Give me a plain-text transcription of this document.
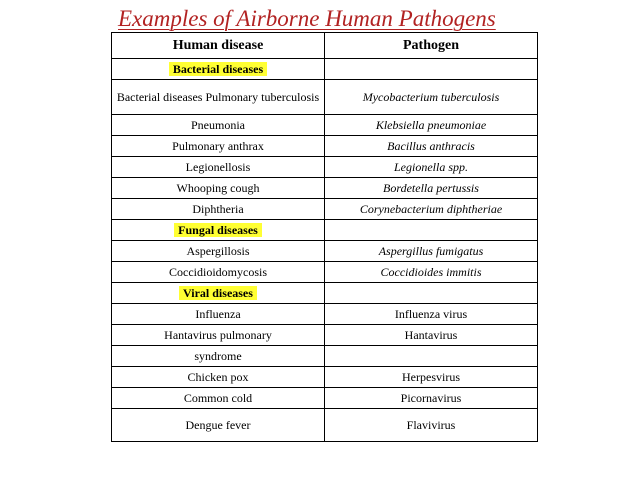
Examples of Airborne Human Pathogens
Human disease	Pathogen
Bacterial diseases	
Bacterial diseases Pulmonary tuberculosis	Mycobacterium tuberculosis
Pneumonia	Klebsiella pneumoniae
Pulmonary anthrax	Bacillus anthracis
Legionellosis	Legionella spp.
Whooping cough	Bordetella pertussis
Diphtheria	Corynebacterium diphtheriae
Fungal diseases	
Aspergillosis	Aspergillus fumigatus
Coccidioidomycosis	Coccidioides immitis
Viral diseases	
Influenza	Influenza virus
Hantavirus pulmonary	Hantavirus
syndrome	
Chicken pox	Herpesvirus
Common cold	Picornavirus
Dengue fever	Flavivirus
